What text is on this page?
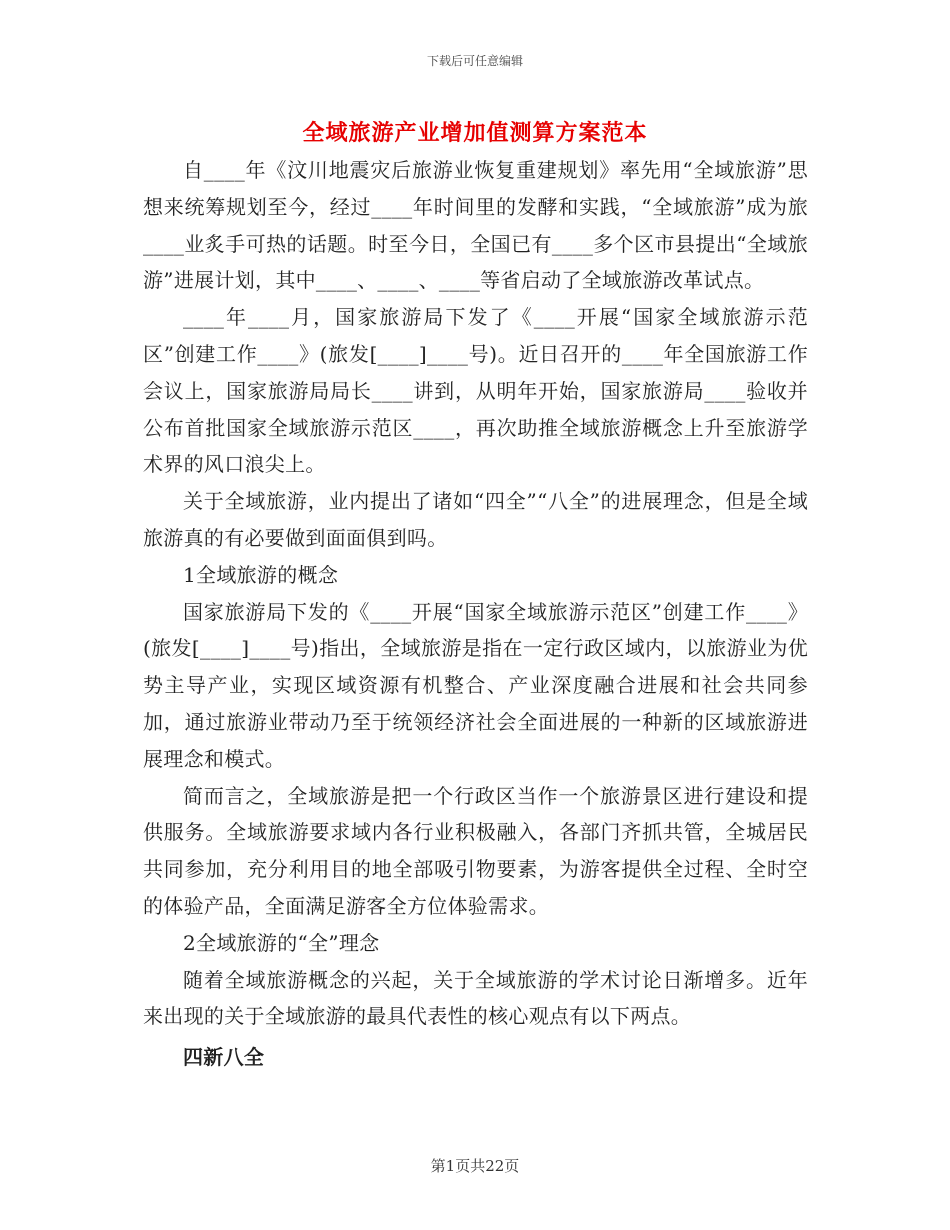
下载后可任意编辑
全域旅游产业增加值测算方案范本

自____年《汶川地震灾后旅游业恢复重建规划》率先用“全域旅游”思想来统筹规划至今，经过____年时间里的发酵和实践，“全域旅游”成为旅____业炙手可热的话题。时至今日，全国已有____多个区市县提出“全域旅游”进展计划，其中____、____、____等省启动了全域旅游改革试点。

____年____月，国家旅游局下发了《____开展“国家全域旅游示范区”创建工作____》(旅发[____]____号)。近日召开的____年全国旅游工作会议上，国家旅游局局长____讲到，从明年开始，国家旅游局____验收并公布首批国家全域旅游示范区____，再次助推全域旅游概念上升至旅游学术界的风口浪尖上。

关于全域旅游，业内提出了诸如“四全”“八全”的进展理念，但是全域旅游真的有必要做到面面俱到吗。

1全域旅游的概念

国家旅游局下发的《____开展“国家全域旅游示范区”创建工作____》(旅发[____]____号)指出，全域旅游是指在一定行政区域内，以旅游业为优势主导产业，实现区域资源有机整合、产业深度融合进展和社会共同参加，通过旅游业带动乃至于统领经济社会全面进展的一种新的区域旅游进展理念和模式。

简而言之，全域旅游是把一个行政区当作一个旅游景区进行建设和提供服务。全域旅游要求域内各行业积极融入，各部门齐抓共管，全城居民共同参加，充分利用目的地全部吸引物要素，为游客提供全过程、全时空的体验产品，全面满足游客全方位体验需求。

2全域旅游的“全”理念

随着全域旅游概念的兴起，关于全域旅游的学术讨论日渐增多。近年来出现的关于全域旅游的最具代表性的核心观点有以下两点。

四新八全

第1页共22页
